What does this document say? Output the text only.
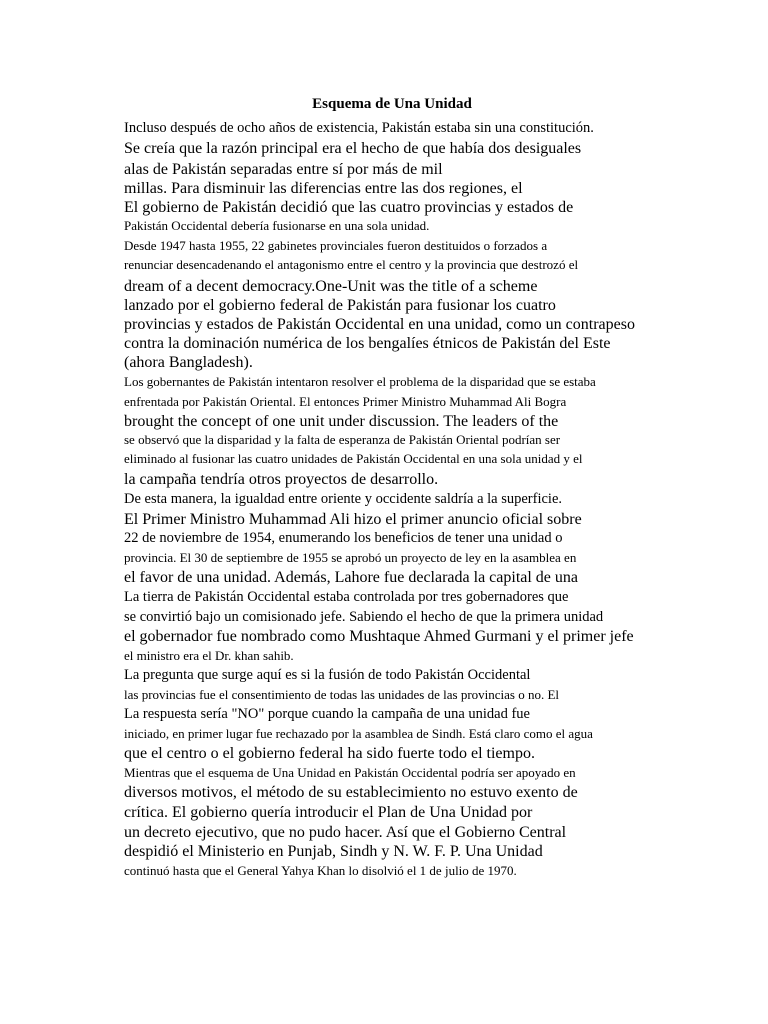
Esquema de Una Unidad
Incluso después de ocho años de existencia, Pakistán estaba sin una constitución.
Se creía que la razón principal era el hecho de que había dos desiguales
alas de Pakistán separadas entre sí por más de mil
millas. Para disminuir las diferencias entre las dos regiones, el
El gobierno de Pakistán decidió que las cuatro provincias y estados de
Pakistán Occidental debería fusionarse en una sola unidad.
Desde 1947 hasta 1955, 22 gabinetes provinciales fueron destituidos o forzados a
renunciar desencadenando el antagonismo entre el centro y la provincia que destrozó el
dream of a decent democracy.One-Unit was the title of a scheme
lanzado por el gobierno federal de Pakistán para fusionar los cuatro
provincias y estados de Pakistán Occidental en una unidad, como un contrapeso
contra la dominación numérica de los bengalíes étnicos de Pakistán del Este
(ahora Bangladesh).
Los gobernantes de Pakistán intentaron resolver el problema de la disparidad que se estaba
enfrentada por Pakistán Oriental. El entonces Primer Ministro Muhammad Ali Bogra
brought the concept of one unit under discussion. The leaders of the
se observó que la disparidad y la falta de esperanza de Pakistán Oriental podrían ser
eliminado al fusionar las cuatro unidades de Pakistán Occidental en una sola unidad y el
la campaña tendría otros proyectos de desarrollo.
De esta manera, la igualdad entre oriente y occidente saldría a la superficie.
El Primer Ministro Muhammad Ali hizo el primer anuncio oficial sobre
22 de noviembre de 1954, enumerando los beneficios de tener una unidad o
provincia. El 30 de septiembre de 1955 se aprobó un proyecto de ley en la asamblea en
el favor de una unidad. Además, Lahore fue declarada la capital de una
La tierra de Pakistán Occidental estaba controlada por tres gobernadores que
se convirtió bajo un comisionado jefe. Sabiendo el hecho de que la primera unidad
el gobernador fue nombrado como Mushtaque Ahmed Gurmani y el primer jefe
el ministro era el Dr. khan sahib.
La pregunta que surge aquí es si la fusión de todo Pakistán Occidental
las provincias fue el consentimiento de todas las unidades de las provincias o no. El
La respuesta sería "NO" porque cuando la campaña de una unidad fue
iniciado, en primer lugar fue rechazado por la asamblea de Sindh. Está claro como el agua
que el centro o el gobierno federal ha sido fuerte todo el tiempo.
Mientras que el esquema de Una Unidad en Pakistán Occidental podría ser apoyado en
diversos motivos, el método de su establecimiento no estuvo exento de
crítica. El gobierno quería introducir el Plan de Una Unidad por
un decreto ejecutivo, que no pudo hacer. Así que el Gobierno Central
despidió el Ministerio en Punjab, Sindh y N. W. F. P. Una Unidad
continuó hasta que el General Yahya Khan lo disolvió el 1 de julio de 1970.
